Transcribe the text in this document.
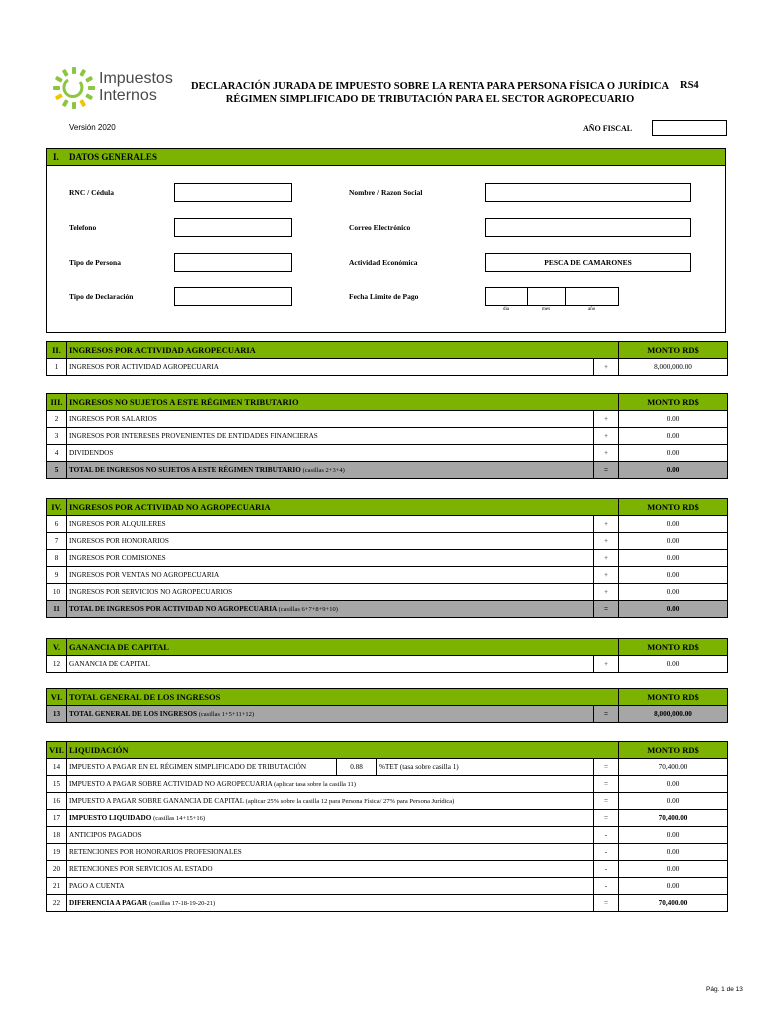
Impuestos
Internos
DECLARACIÓN JURADA DE IMPUESTO SOBRE LA RENTA PARA PERSONA FÍSICA O JURÍDICA
RÉGIMEN SIMPLIFICADO DE TRIBUTACIÓN PARA EL SECTOR AGROPECUARIO
RS4
Versión 2020	AÑO FISCAL
I. DATOS GENERALES
RNC / Cédula	Nombre / Razon Social
Telefono	Correo Electrónico
Tipo de Persona	Actividad Económica	PESCA DE CAMARONES
Tipo de Declaración	Fecha Limite de Pago
dia	mes	año
II.	INGRESOS POR ACTIVIDAD AGROPECUARIA		MONTO RD$
1	INGRESOS POR ACTIVIDAD AGROPECUARIA	+	8,000,000.00
III.	INGRESOS NO SUJETOS A ESTE RÉGIMEN TRIBUTARIO		MONTO RD$
2	INGRESOS POR SALARIOS	+	0.00
3	INGRESOS POR INTERESES PROVENIENTES DE ENTIDADES FINANCIERAS	+	0.00
4	DIVIDENDOS	+	0.00
5	TOTAL DE INGRESOS NO SUJETOS A ESTE RÉGIMEN TRIBUTARIO (casillas 2+3+4)	=	0.00
IV.	INGRESOS POR ACTIVIDAD NO AGROPECUARIA		MONTO RD$
6	INGRESOS POR ALQUILERES	+	0.00
7	INGRESOS POR HONORARIOS	+	0.00
8	INGRESOS POR COMISIONES	+	0.00
9	INGRESOS POR VENTAS NO AGROPECUARIA	+	0.00
10	INGRESOS POR SERVICIOS NO AGROPECUARIOS	+	0.00
11	TOTAL DE INGRESOS POR ACTIVIDAD NO AGROPECUARIA (casillas 6+7+8+9+10)	=	0.00
V.	GANANCIA DE CAPITAL		MONTO RD$
12	GANANCIA DE CAPITAL	+	0.00
VI.	TOTAL GENERAL DE LOS INGRESOS		MONTO RD$
13	TOTAL GENERAL DE LOS INGRESOS (casillas 1+5+11+12)	=	8,000,000.00
VII.	LIQUIDACIÓN				MONTO RD$
14	IMPUESTO A PAGAR EN EL RÉGIMEN SIMPLIFICADO DE TRIBUTACIÓN	0.88	%TET (tasa sobre casilla 1)	=	70,400.00
15	IMPUESTO A PAGAR SOBRE ACTIVIDAD NO AGROPECUARIA (aplicar tasa sobre la casilla 11)			=	0.00
16	IMPUESTO A PAGAR SOBRE GANANCIA DE CAPITAL (aplicar 25% sobre la casilla 12 para Persona Física/ 27% para Persona Jurídica)			=	0.00
17	IMPUESTO LIQUIDADO (casillas 14+15+16)			=	70,400.00
18	ANTICIPOS PAGADOS			-	0.00
19	RETENCIONES POR HONORARIOS PROFESIONALES			-	0.00
20	RETENCIONES POR SERVICIOS AL ESTADO			-	0.00
21	PAGO A CUENTA			-	0.00
22	DIFERENCIA A PAGAR (casillas 17-18-19-20-21)			=	70,400.00
Pág. 1 de 13
